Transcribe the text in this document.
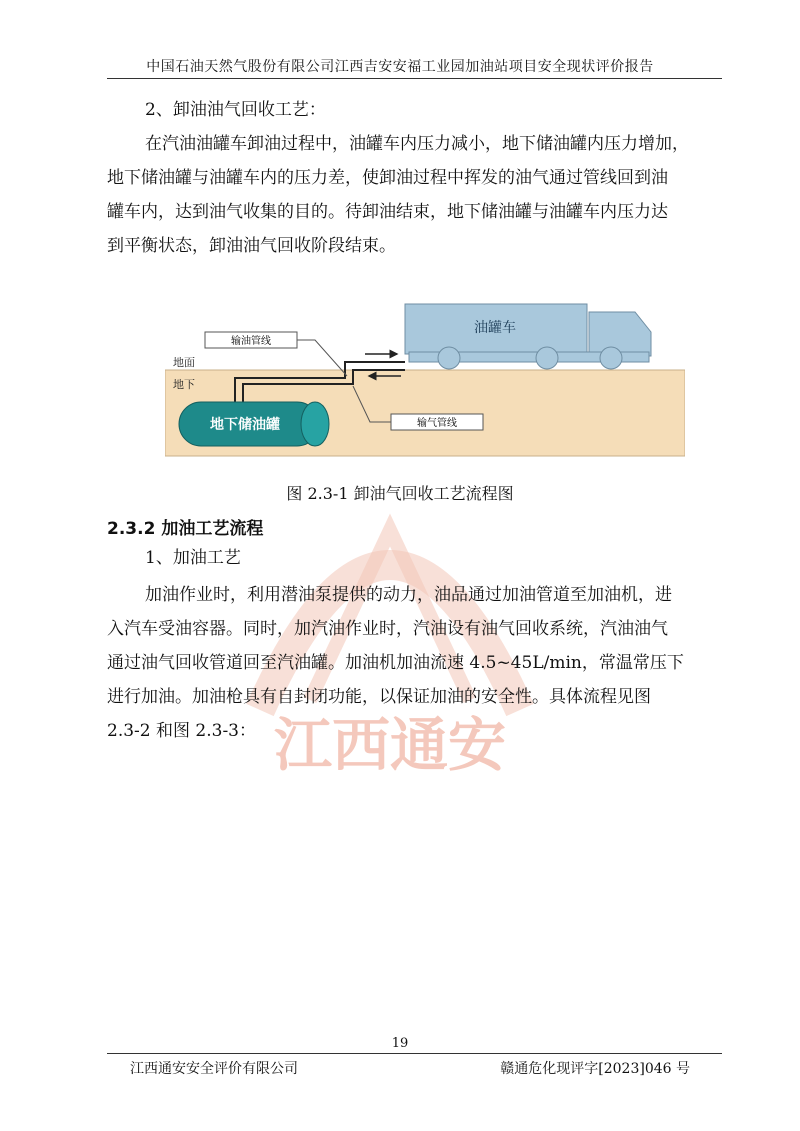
江西通安
中国石油天然气股份有限公司江西吉安安福工业园加油站项目安全现状评价报告
2、卸油油气回收工艺：
在汽油油罐车卸油过程中，油罐车内压力减小，地下储油罐内压力增加，
地下储油罐与油罐车内的压力差，使卸油过程中挥发的油气通过管线回到油
罐车内，达到油气收集的目的。待卸油结束，地下储油罐与油罐车内压力达
到平衡状态，卸油油气回收阶段结束。
地面
地下
油罐车
输油管线
输气管线
地下储油罐
图 2.3-1 卸油气回收工艺流程图
2.3.2 加油工艺流程
1、加油工艺
加油作业时，利用潜油泵提供的动力，油品通过加油管道至加油机，进
入汽车受油容器。同时，加汽油作业时，汽油设有油气回收系统，汽油油气
通过油气回收管道回至汽油罐。加油机加油流速 4.5~45L/min，常温常压下
进行加油。加油枪具有自封闭功能，以保证加油的安全性。具体流程见图
2.3-2 和图 2.3-3：
19
江西通安安全评价有限公司	赣通危化现评字[2023]046 号
